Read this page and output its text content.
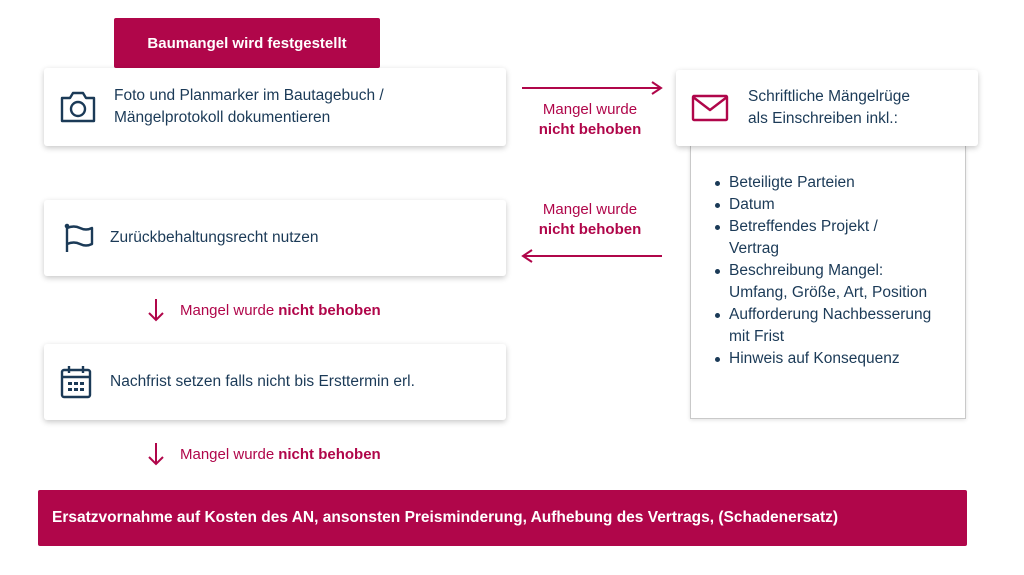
Baumangel wird festgestellt
Foto und Planmarker im Bautagebuch /
Mängelprotokoll dokumentieren	Mangel wurde
nicht behoben
Schriftliche Mängelrüge
als Einschreiben inkl.:
Beteiligte Parteien
Datum
Betreffendes Projekt / Vertrag
Beschreibung Mangel: Umfang, Größe, Art, Position
Aufforderung Nachbesserung mit Frist
Hinweis auf Konsequenz
Mangel wurde
nicht behoben
Zurückbehaltungsrecht nutzen
Mangel wurde nicht behoben
Nachfrist setzen falls nicht bis Ersttermin erl.
Mangel wurde nicht behoben
Ersatzvornahme auf Kosten des AN, ansonsten Preisminderung, Aufhebung des Vertrags, (Schadenersatz)
